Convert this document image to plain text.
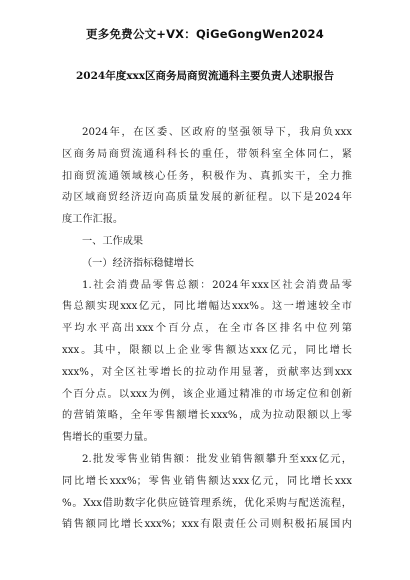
更多免费公文+VX：QiGeGongWen2024
2024年度xxx区商务局商贸流通科主要负责人述职报告
2024年，在区委、区政府的坚强领导下，我肩负xxx
区商务局商贸流通科科长的重任，带领科室全体同仁，紧
扣商贸流通领域核心任务，积极作为、真抓实干，全力推
动区域商贸经济迈向高质量发展的新征程。以下是2024年
度工作汇报。
一、工作成果
（一）经济指标稳健增长
1.社会消费品零售总额：2024年xxx区社会消费品零
售总额实现xxx亿元，同比增幅达xxx%。这一增速较全市
平均水平高出xxx个百分点，在全市各区排名中位列第
xxx。其中，限额以上企业零售额达xxx亿元，同比增长
xxx%，对全区社零增长的拉动作用显著，贡献率达到xxx
个百分点。以xxx为例，该企业通过精准的市场定位和创新
的营销策略，全年零售额增长xxx%，成为拉动限额以上零
售增长的重要力量。
2.批发零售业销售额：批发业销售额攀升至xxx亿元，
同比增长xxx%；零售业销售额达xxx亿元，同比增长xxx
%。Xxx借助数字化供应链管理系统，优化采购与配送流程，
销售额同比增长xxx%；xxx有限责任公司则积极拓展国内
